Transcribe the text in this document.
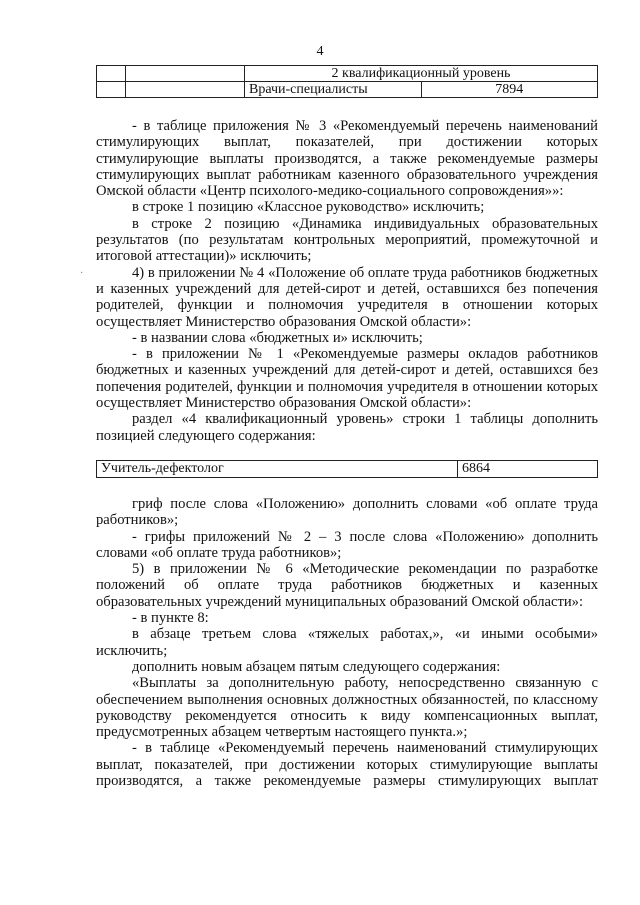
4
		2 квалификационный уровень	
		Врачи-специалисты	7894
·

- в таблице приложения № 3 «Рекомендуемый перечень наименований стимулирующих выплат, показателей, при достижении которых стимулирующие выплаты производятся, а также рекомендуемые размеры стимулирующих выплат работникам казенного образовательного учреждения Омской области «Центр психолого-медико-социального сопровождения»»:

в строке 1 позицию «Классное руководство» исключить;

в строке 2 позицию «Динамика индивидуальных образовательных результатов (по результатам контрольных мероприятий, промежуточной и итоговой аттестации)» исключить;

4) в приложении № 4 «Положение об оплате труда работников бюджетных и казенных учреждений для детей-сирот и детей, оставшихся без попечения родителей, функции и полномочия учредителя в отношении которых осуществляет Министерство образования Омской области»:

- в названии слова «бюджетных и» исключить;

- в приложении № 1 «Рекомендуемые размеры окладов работников бюджетных и казенных учреждений для детей-сирот и детей, оставшихся без попечения родителей, функции и полномочия учредителя в отношении которых осуществляет Министерство образования Омской области»:

раздел «4 квалификационный уровень» строки 1 таблицы дополнить позицией следующего содержания:

Учитель-дефектолог	6864

гриф после слова «Положению» дополнить словами «об оплате труда работников»;

- грифы приложений № 2 – 3 после слова «Положению» дополнить словами «об оплате труда работников»;

5) в приложении № 6 «Методические рекомендации по разработке положений об оплате труда работников бюджетных и казенных образовательных учреждений муниципальных образований Омской области»:

- в пункте 8:

в абзаце третьем слова «тяжелых работах,», «и иными особыми» исключить;

дополнить новым абзацем пятым следующего содержания:

«Выплаты за дополнительную работу, непосредственно связанную с обеспечением выполнения основных должностных обязанностей, по классному руководству рекомендуется относить к виду компенсационных выплат, предусмотренных абзацем четвертым настоящего пункта.»;

- в таблице «Рекомендуемый перечень наименований стимулирующих выплат, показателей, при достижении которых стимулирующие выплаты производятся, а также рекомендуемые размеры стимулирующих выплат
